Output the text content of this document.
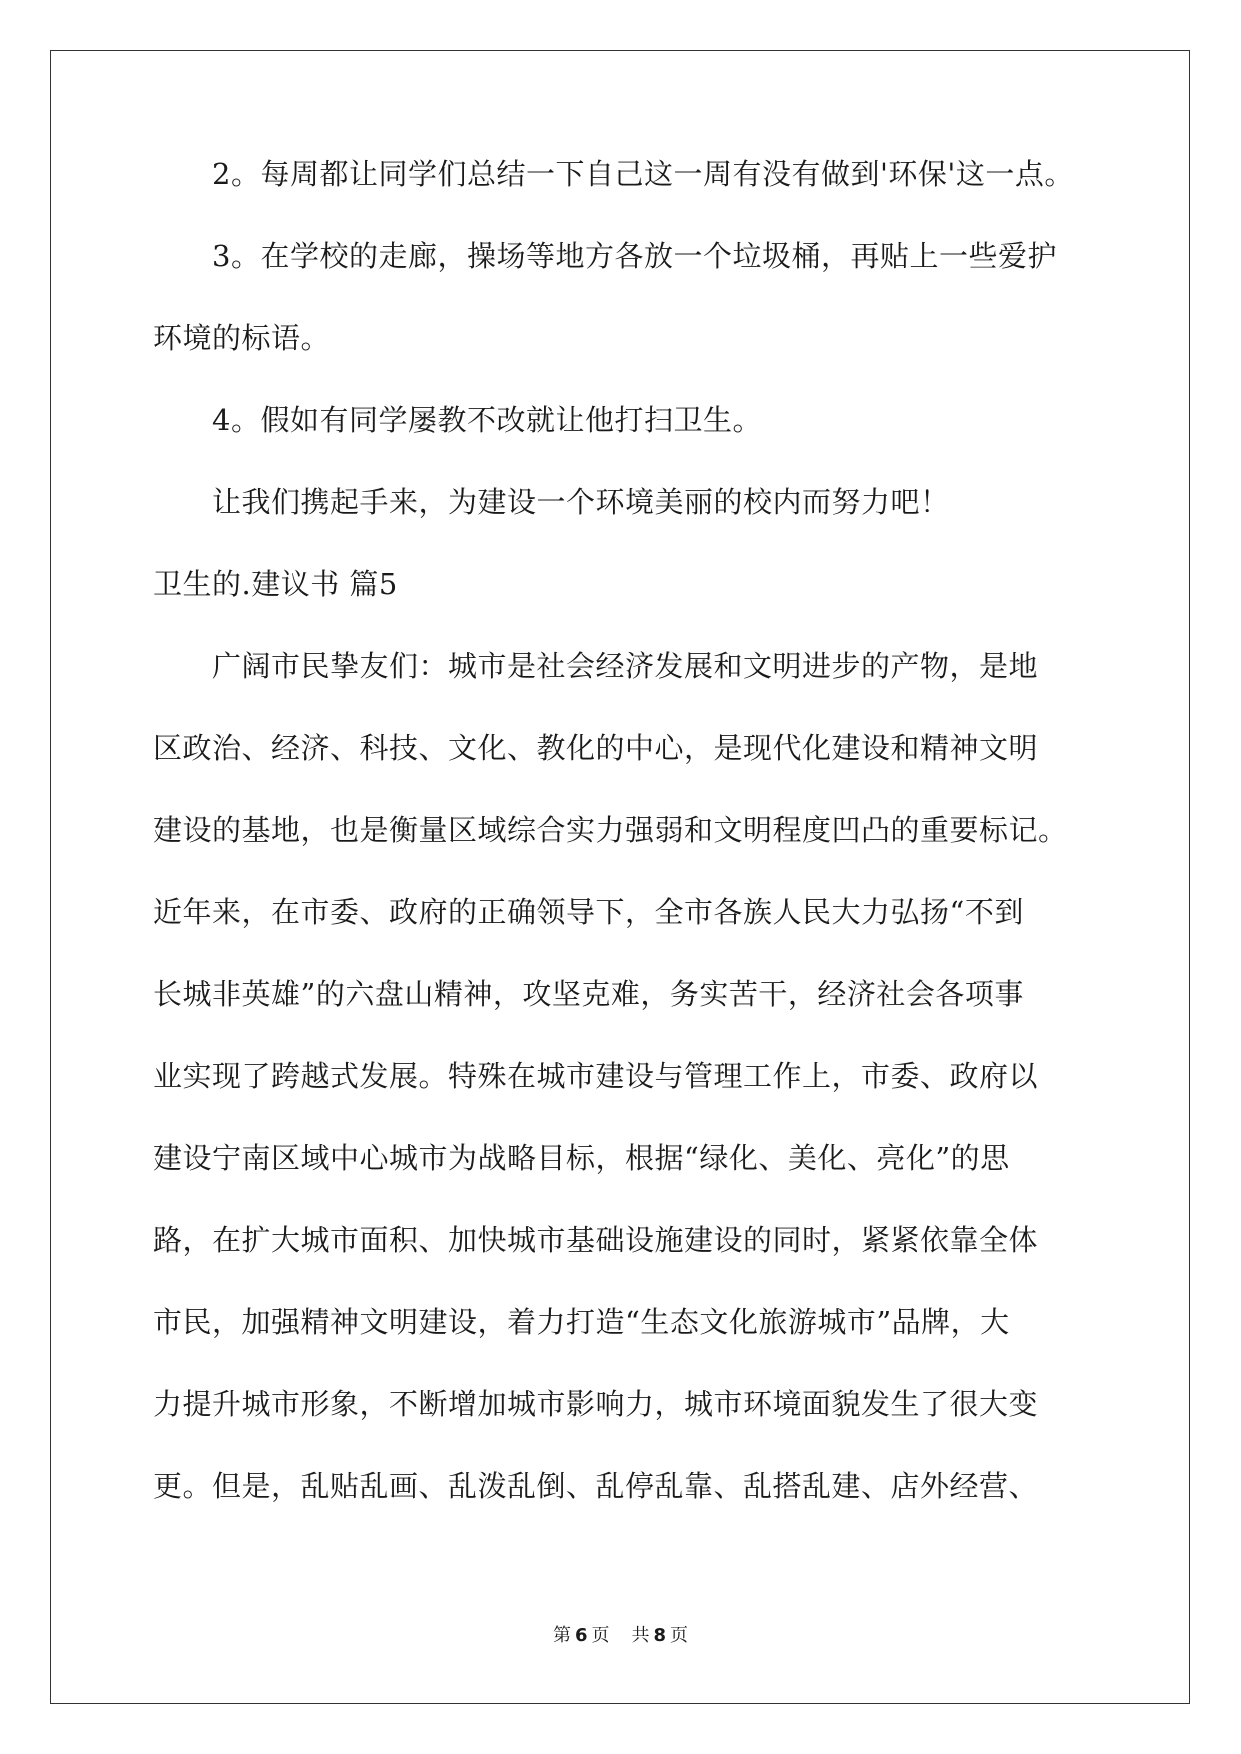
2。每周都让同学们总结一下自己这一周有没有做到'环保'这一点。
3。在学校的走廊，操场等地方各放一个垃圾桶，再贴上一些爱护
环境的标语。
4。假如有同学屡教不改就让他打扫卫生。
让我们携起手来，为建设一个环境美丽的校内而努力吧！
卫生的.建议书 篇5
广阔市民挚友们：城市是社会经济发展和文明进步的产物，是地
区政治、经济、科技、文化、教化的中心，是现代化建设和精神文明
建设的基地，也是衡量区域综合实力强弱和文明程度凹凸的重要标记。
近年来，在市委、政府的正确领导下，全市各族人民大力弘扬“不到
长城非英雄”的六盘山精神，攻坚克难，务实苦干，经济社会各项事
业实现了跨越式发展。特殊在城市建设与管理工作上，市委、政府以
建设宁南区域中心城市为战略目标，根据“绿化、美化、亮化”的思
路，在扩大城市面积、加快城市基础设施建设的同时，紧紧依靠全体
市民，加强精神文明建设，着力打造“生态文化旅游城市”品牌，大
力提升城市形象，不断增加城市影响力，城市环境面貌发生了很大变
更。但是，乱贴乱画、乱泼乱倒、乱停乱靠、乱搭乱建、店外经营、
第 6 页 共 8 页
